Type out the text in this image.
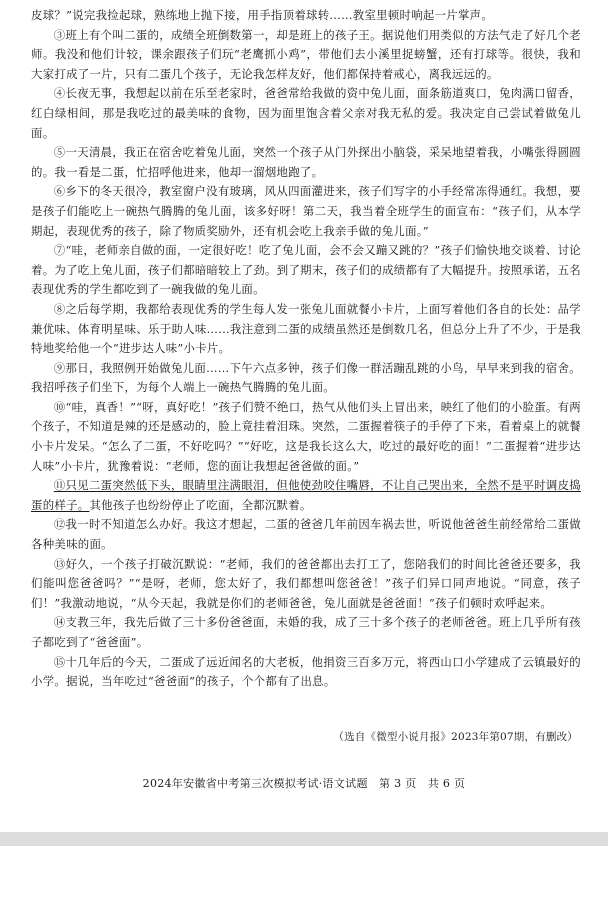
皮球？”说完我捡起球，熟练地上抛下接，用手指顶着球转……教室里顿时响起一片掌声。

③班上有个叫二蛋的，成绩全班倒数第一，却是班上的孩子王。据说他们用类似的方法气走了好几个老师。我没和他们计较，课余跟孩子们玩“老鹰抓小鸡”，带他们去小溪里捉螃蟹，还有打球等。很快，我和大家打成了一片，只有二蛋几个孩子，无论我怎样友好，他们都保持着戒心，离我远远的。

④长夜无事，我想起以前在乐至老家时，爸爸常给我做的资中兔儿面，面条筋道爽口，兔肉满口留香，红白绿相间，那是我吃过的最美味的食物，因为面里饱含着父亲对我无私的爱。我决定自己尝试着做兔儿面。

⑤一天清晨，我正在宿舍吃着兔儿面，突然一个孩子从门外探出小脑袋，采呆地望着我，小嘴张得圆圆的。我一看是二蛋，忙招呼他进来，他却一溜烟地跑了。

⑥乡下的冬天很冷，教室窗户没有玻璃，风从四面灌进来，孩子们写字的小手经常冻得通红。我想，要是孩子们能吃上一碗热气腾腾的兔儿面，该多好呀！第二天，我当着全班学生的面宣布：“孩子们，从本学期起，表现优秀的孩子，除了物质奖励外，还有机会吃上我亲手做的兔儿面。”

⑦“哇，老师亲自做的面，一定很好吃！吃了兔儿面，会不会又蹦又跳的？”孩子们愉快地交谈着、讨论着。为了吃上兔儿面，孩子们都暗暗较上了劲。到了期末，孩子们的成绩都有了大幅提升。按照承诺，五名表现优秀的学生都吃到了一碗我做的兔儿面。

⑧之后每学期，我都给表现优秀的学生每人发一张兔儿面就餐小卡片，上面写着他们各自的长处：品学兼优味、体育明星味、乐于助人味……我注意到二蛋的成绩虽然还是倒数几名，但总分上升了不少，于是我特地奖给他一个“进步达人味”小卡片。

⑨那日，我照例开始做兔儿面……下午六点多钟，孩子们像一群活蹦乱跳的小鸟，早早来到我的宿舍。我招呼孩子们坐下，为每个人端上一碗热气腾腾的兔儿面。

⑩“哇，真香！”“呀，真好吃！”孩子们赞不绝口，热气从他们头上冒出来，映红了他们的小脸蛋。有两个孩子，不知道是辣的还是感动的，脸上竟挂着泪珠。突然，二蛋握着筷子的手停了下来，看着桌上的就餐小卡片发呆。“怎么了二蛋，不好吃吗？”“好吃，这是我长这么大，吃过的最好吃的面！”二蛋握着“进步达人味”小卡片，犹豫着说：“老师，您的面让我想起爸爸做的面。”

⑪只见二蛋突然低下头，眼睛里注满眼泪，但他使劲咬住嘴唇，不让自己哭出来，全然不是平时调皮捣蛋的样子。其他孩子也纷纷停止了吃面，全都沉默着。

⑫我一时不知道怎么办好。我这才想起，二蛋的爸爸几年前因车祸去世，听说他爸爸生前经常给二蛋做各种美味的面。

⑬好久，一个孩子打破沉默说：“老师，我们的爸爸都出去打工了，您陪我们的时间比爸爸还要多，我们能叫您爸爸吗？”“是呀，老师，您太好了，我们都想叫您爸爸！”孩子们异口同声地说。“同意，孩子们！”我激动地说，“从今天起，我就是你们的老师爸爸，兔儿面就是爸爸面！”孩子们顿时欢呼起来。

⑭支教三年，我先后做了三十多份爸爸面，未婚的我，成了三十多个孩子的老师爸爸。班上几乎所有孩子都吃到了“爸爸面”。

⑮十几年后的今天，二蛋成了远近闻名的大老板，他捐资三百多万元，将西山口小学建成了云镇最好的小学。据说，当年吃过“爸爸面”的孩子，个个都有了出息。

（选自《微型小说月报》2023年第07期，有删改）
2024年安徽省中考第三次模拟考试·语文试题　第 3 页　共 6 页
